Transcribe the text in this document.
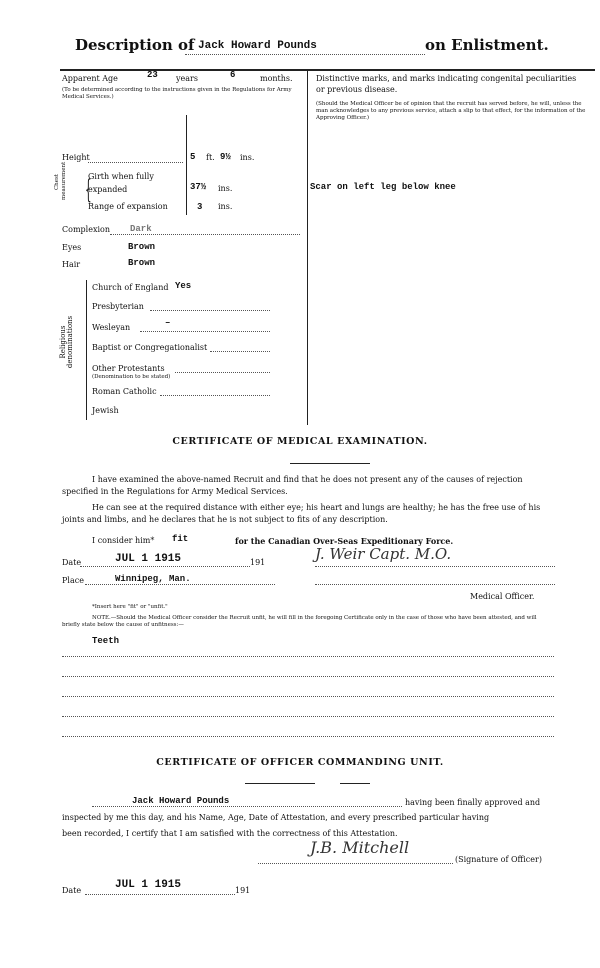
Description of Jack Howard Pounds	on Enlistment.
Apparent Age	23 years	6	months.
(To be determined according to the instructions given in the Regulations for Army Medical Services.)
Height	5 ft. 9½ ins.
Chest measurement {
Girth when fully expanded	37½ ins.
Range of expansion	3 ins.
Complexion Dark
Eyes	Brown
Hair	Brown
Religious denominations
Church of England Yes
Presbyterian
Wesleyan	–
Baptist or Congregationalist
Other Protestants
(Denomination to be stated)
Roman Catholic
Jewish
Distinctive marks, and marks indicating congenital peculiarities or previous disease.
(Should the Medical Officer be of opinion that the recruit has served before, he will, unless the man acknowledges to any previous service, attach a slip to that effect, for the information of the Approving Officer.)
Scar on left leg below knee
CERTIFICATE OF MEDICAL EXAMINATION.
I have examined the above-named Recruit and find that he does not present any of the causes of rejection specified in the Regulations for Army Medical Services.
He can see at the required distance with either eye; his heart and lungs are healthy; he has the free use of his joints and limbs, and he declares that he is not subject to fits of any description.
I consider him* fit	for the Canadian Over-Seas Expeditionary Force.
Date	JUL 1 1915	191
Place	Winnipeg, Man.
J. Weir Capt. M.O.
Medical Officer.
*Insert here "fit" or "unfit."
NOTE.—Should the Medical Officer consider the Recruit unfit, he will fill in the foregoing Certificate only in the case of those who have been attested, and will briefly state below the cause of unfitness:—
Teeth
CERTIFICATE OF OFFICER COMMANDING UNIT.
Jack Howard Pounds	having been finally approved and
inspected by me this day, and his Name, Age, Date of Attestation, and every prescribed particular having
been recorded, I certify that I am satisfied with the correctness of this Attestation.
J.B. Mitchell
(Signature of Officer)
Date	JUL 1 1915	191
